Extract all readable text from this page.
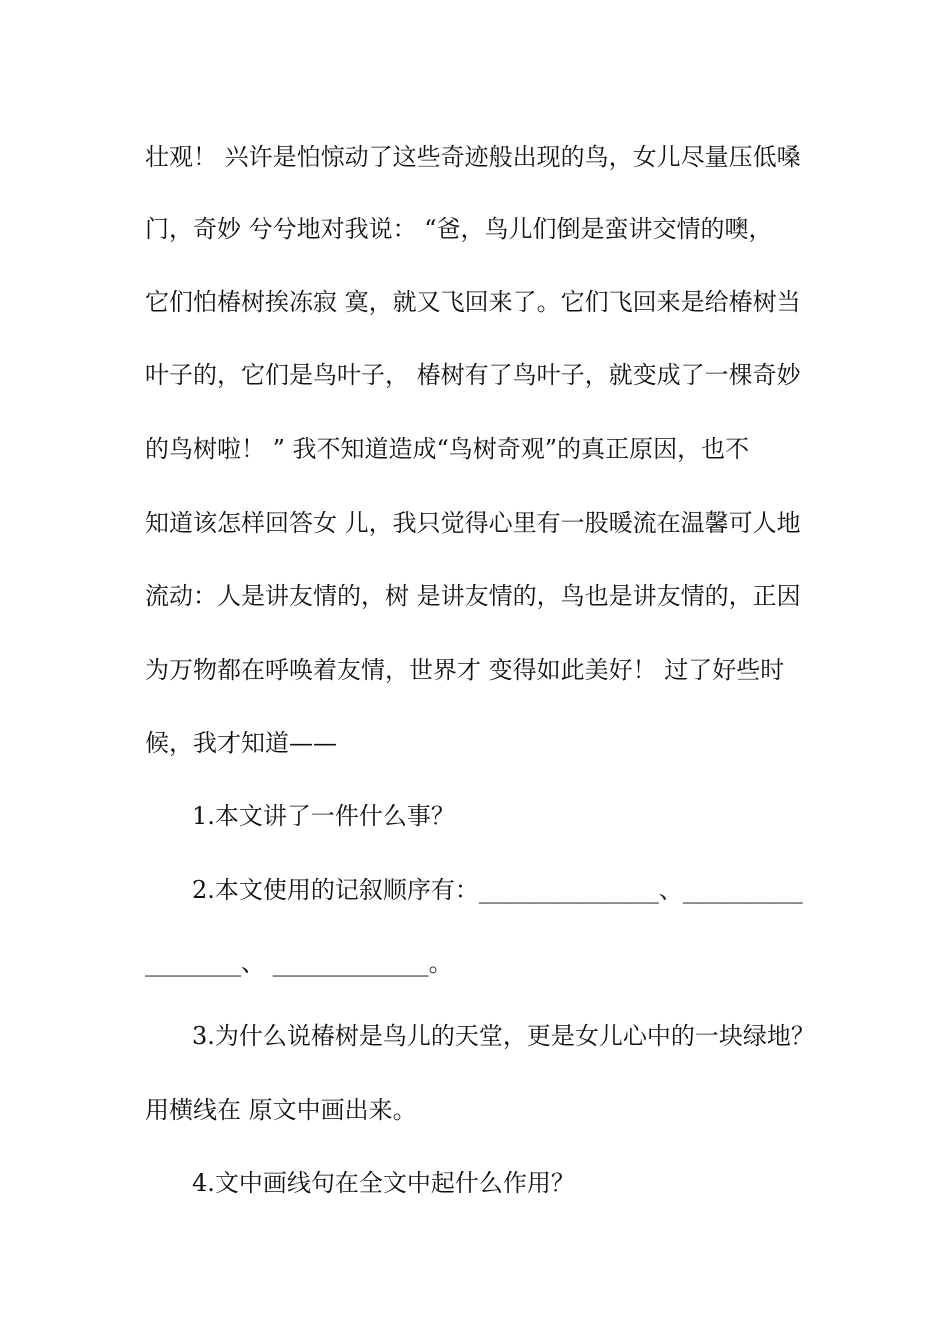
壮观！ 兴许是怕惊动了这些奇迹般出现的鸟，女儿尽量压低嗓
门，奇妙 兮兮地对我说： “爸，鸟儿们倒是蛮讲交情的噢，
它们怕椿树挨冻寂 寞，就又飞回来了。它们飞回来是给椿树当
叶子的，它们是鸟叶子， 椿树有了鸟叶子，就变成了一棵奇妙
的鸟树啦！ ” 我不知道造成“鸟树奇观”的真正原因，也不
知道该怎样回答女 儿，我只觉得心里有一股暖流在温馨可人地
流动：人是讲友情的，树 是讲友情的，鸟也是讲友情的，正因
为万物都在呼唤着友情，世界才 变得如此美好！ 过了好些时
候，我才知道——
1.本文讲了一件什么事？
2.本文使用的记叙顺序有：_______________、__________
________、 _____________。
3.为什么说椿树是鸟儿的天堂，更是女儿心中的一块绿地？
用横线在 原文中画出来。
4.文中画线句在全文中起什么作用？
